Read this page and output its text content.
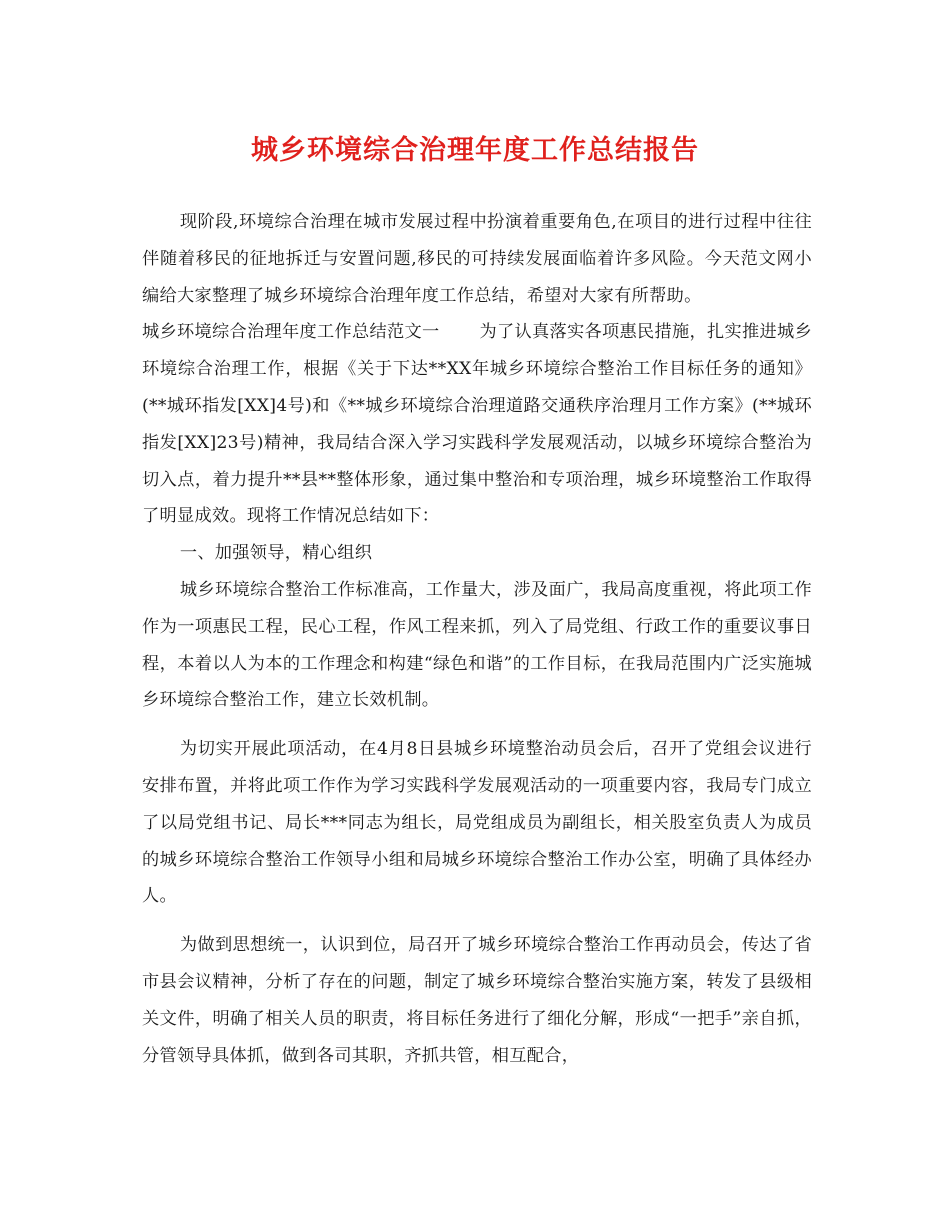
城乡环境综合治理年度工作总结报告

现阶段,环境综合治理在城市发展过程中扮演着重要角色,在项目的进行过程中往往伴随着移民的征地拆迁与安置问题,移民的可持续发展面临着许多风险。今天范文网小编给大家整理了城乡环境综合治理年度工作总结，希望对大家有所帮助。

城乡环境综合治理年度工作总结范文一 为了认真落实各项惠民措施，扎实推进城乡环境综合治理工作，根据《关于下达**XX年城乡环境综合整治工作目标任务的通知》(**城环指发[XX]4号)和《**城乡环境综合治理道路交通秩序治理月工作方案》(**城环指发[XX]23号)精神，我局结合深入学习实践科学发展观活动，以城乡环境综合整治为切入点，着力提升**县**整体形象，通过集中整治和专项治理，城乡环境整治工作取得了明显成效。现将工作情况总结如下：

一、加强领导，精心组织

城乡环境综合整治工作标准高，工作量大，涉及面广，我局高度重视，将此项工作作为一项惠民工程，民心工程，作风工程来抓，列入了局党组、行政工作的重要议事日程，本着以人为本的工作理念和构建“绿色和谐”的工作目标，在我局范围内广泛实施城乡环境综合整治工作，建立长效机制。

为切实开展此项活动，在4月8日县城乡环境整治动员会后，召开了党组会议进行安排布置，并将此项工作作为学习实践科学发展观活动的一项重要内容，我局专门成立了以局党组书记、局长***同志为组长，局党组成员为副组长，相关股室负责人为成员的城乡环境综合整治工作领导小组和局城乡环境综合整治工作办公室，明确了具体经办人。

为做到思想统一，认识到位，局召开了城乡环境综合整治工作再动员会，传达了省市县会议精神，分析了存在的问题，制定了城乡环境综合整治实施方案，转发了县级相关文件，明确了相关人员的职责，将目标任务进行了细化分解，形成“一把手”亲自抓，分管领导具体抓，做到各司其职，齐抓共管，相互配合，
